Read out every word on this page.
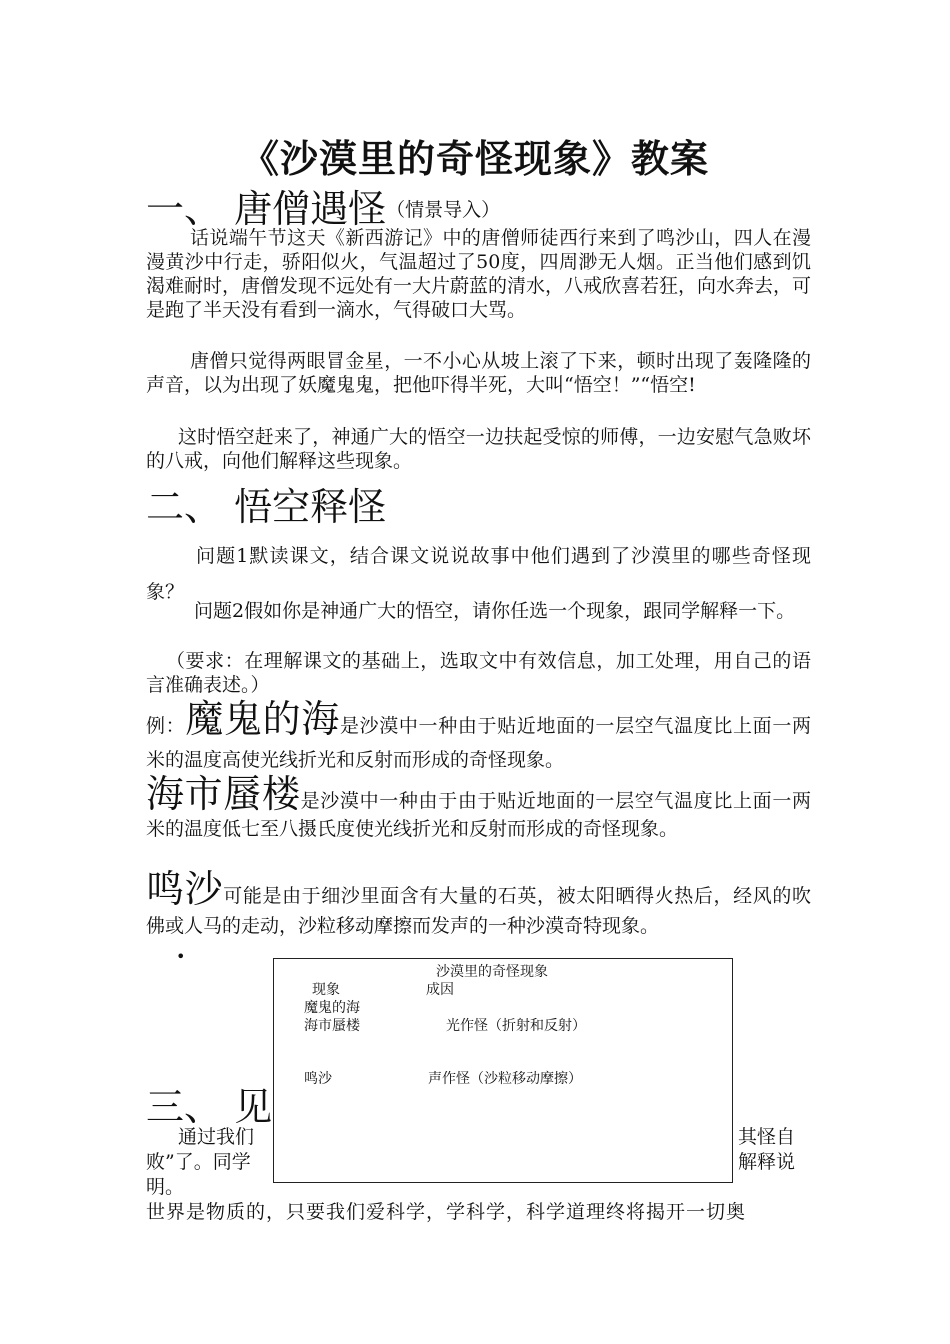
《沙漠里的奇怪现象》教案
一、 唐僧遇怪（情景导入）
话说端午节这天《新西游记》中的唐僧师徒西行来到了鸣沙山，四人在漫漫黄沙中行走，骄阳似火，气温超过了50度，四周渺无人烟。正当他们感到饥渴难耐时，唐僧发现不远处有一大片蔚蓝的清水，八戒欣喜若狂，向水奔去，可是跑了半天没有看到一滴水，气得破口大骂。
唐僧只觉得两眼冒金星，一不小心从坡上滚了下来，顿时出现了轰隆隆的声音，以为出现了妖魔鬼鬼，把他吓得半死，大叫“悟空！”“悟空!
这时悟空赶来了，神通广大的悟空一边扶起受惊的师傅，一边安慰气急败坏的八戒，向他们解释这些现象。
二、 悟空释怪
问题1默读课文，结合课文说说故事中他们遇到了沙漠里的哪些奇怪现象？
问题2假如你是神通广大的悟空，请你任选一个现象，跟同学解释一下。
（要求：在理解课文的基础上，选取文中有效信息，加工处理，用自己的语言准确表述。）
例：魔鬼的海是沙漠中一种由于贴近地面的一层空气温度比上面一两米的温度高使光线折光和反射而形成的奇怪现象。
海市蜃楼是沙漠中一种由于由于贴近地面的一层空气温度比上面一两米的温度低七至八摄氏度使光线折光和反射而形成的奇怪现象。
鸣沙可能是由于细沙里面含有大量的石英，被太阳晒得火热后，经风的吹佛或人马的走动，沙粒移动摩擦而发声的一种沙漠奇特现象。
•
三、 见
通过我们	其怪自
败”了。同学	解释说
明。
世界是物质的，只要我们爱科学，学科学，科学道理终将揭开一切奥
沙漠里的奇怪现象
现象	成因
魔鬼的海
海市蜃楼	光作怪（折射和反射）
鸣沙	声作怪（沙粒移动摩擦）
